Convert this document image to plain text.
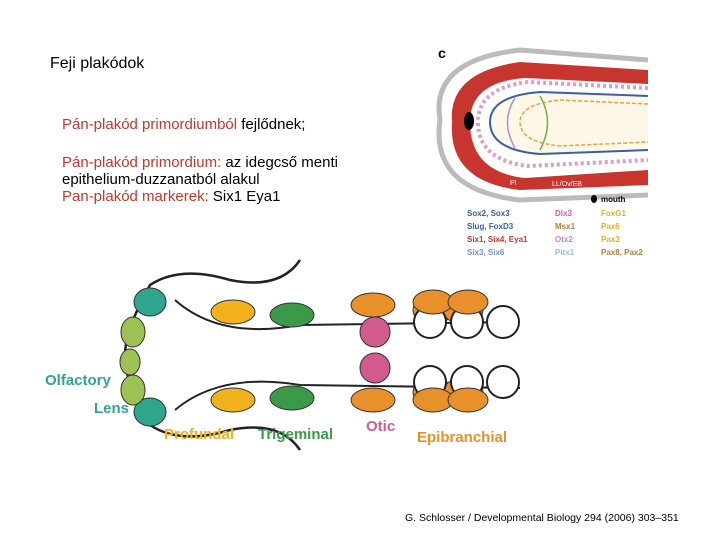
Feji plakódok
Pán-plakód primordiumból fejlődnek;
Pán-plakód primordium: az idegcső menti
epithelium-duzzanatból alakul
Pan-plakód markerek: Six1 Eya1
c
Ad
Pl	LL/Ov/EB
mouth
Sox2, Sox3
Slug, FoxD3
Six1, Six4, Eya1
Six3, Six6
Dlx3
Msx1
Otx2
Pitx1
FoxG1
Pax6
Pax3
Pax8, Pax2
Olfactory
Lens
Profundal Trigeminal Otic
Epibranchial
G. Schlosser / Developmental Biology 294 (2006) 303–351
